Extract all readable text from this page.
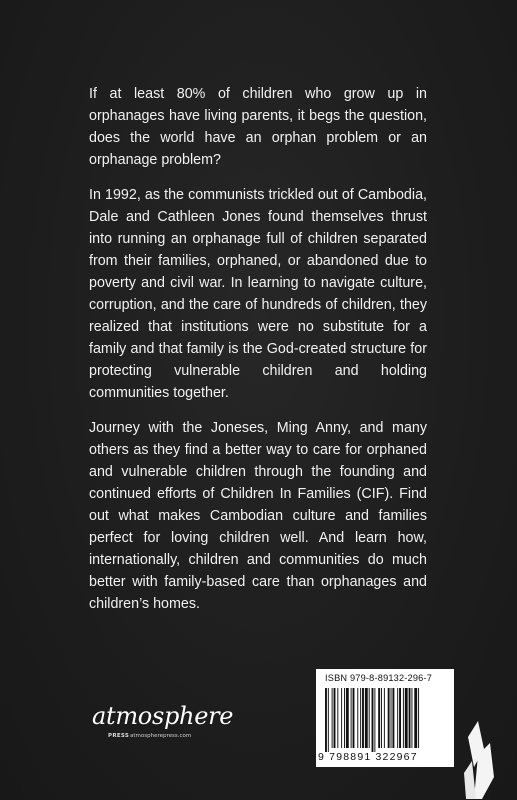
If at least 80% of children who grow up in orphanages have living parents, it begs the question, does the world have an orphan problem or an orphanage problem?

In 1992, as the communists trickled out of Cambodia, Dale and Cathleen Jones found themselves thrust into running an orphanage full of children separated from their families, orphaned, or abandoned due to poverty and civil war. In learning to navigate culture, corruption, and the care of hundreds of children, they realized that institutions were no substitute for a family and that family is the God-created structure for protecting vulnerable children and holding communities together.

Journey with the Joneses, Ming Anny, and many others as they find a better way to care for orphaned and vulnerable children through the founding and continued efforts of Children In Families (CIF). Find out what makes Cambodian culture and families perfect for loving children well. And learn how, internationally, children and communities do much better with family-based care than orphanages and children’s homes.

atmosphere
PRESS atmospherepress.com
ISBN 979-8-89132-296-7
9 798891 322967
